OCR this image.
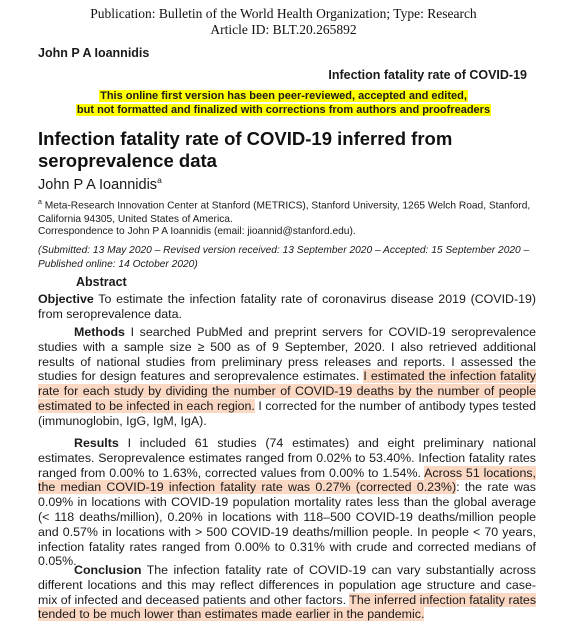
Publication: Bulletin of the World Health Organization; Type: Research
Article ID: BLT.20.265892
John P A Ioannidis
Infection fatality rate of COVID-19
This online first version has been peer-reviewed, accepted and edited,
but not formatted and finalized with corrections from authors and proofreaders
Infection fatality rate of COVID-19 inferred from seroprevalence data
John P A Ioannidis$^a$
$^a$ Meta-Research Innovation Center at Stanford (METRICS), Stanford University, 1265 Welch Road, Stanford, California 94305, United States of America.
Correspondence to John P A Ioannidis (email: jioannid@stanford.edu).
(Submitted: 13 May 2020 – Revised version received: 13 September 2020 – Accepted: 15 September 2020 – Published online: 14 October 2020)
Abstract

Objective To estimate the infection fatality rate of coronavirus disease 2019 (COVID-19) from seroprevalence data.

Methods I searched PubMed and preprint servers for COVID-19 seroprevalence studies with a sample size ≥ 500 as of 9 September, 2020. I also retrieved additional results of national studies from preliminary press releases and reports. I assessed the studies for design features and seroprevalence estimates. I estimated the infection fatality rate for each study by dividing the number of COVID-19 deaths by the number of people estimated to be infected in each region. I corrected for the number of antibody types tested (immunoglobin, IgG, IgM, IgA).

Results I included 61 studies (74 estimates) and eight preliminary national estimates. Seroprevalence estimates ranged from 0.02% to 53.40%. Infection fatality rates ranged from 0.00% to 1.63%, corrected values from 0.00% to 1.54%. Across 51 locations, the median COVID-19 infection fatality rate was 0.27% (corrected 0.23%): the rate was 0.09% in locations with COVID-19 population mortality rates less than the global average (< 118 deaths/million), 0.20% in locations with 118–500 COVID-19 deaths/million people and 0.57% in locations with > 500 COVID-19 deaths/million people. In people < 70 years, infection fatality rates ranged from 0.00% to 0.31% with crude and corrected medians of 0.05%.

Conclusion The infection fatality rate of COVID-19 can vary substantially across different locations and this may reflect differences in population age structure and case-mix of infected and deceased patients and other factors. The inferred infection fatality rates tended to be much lower than estimates made earlier in the pandemic.
